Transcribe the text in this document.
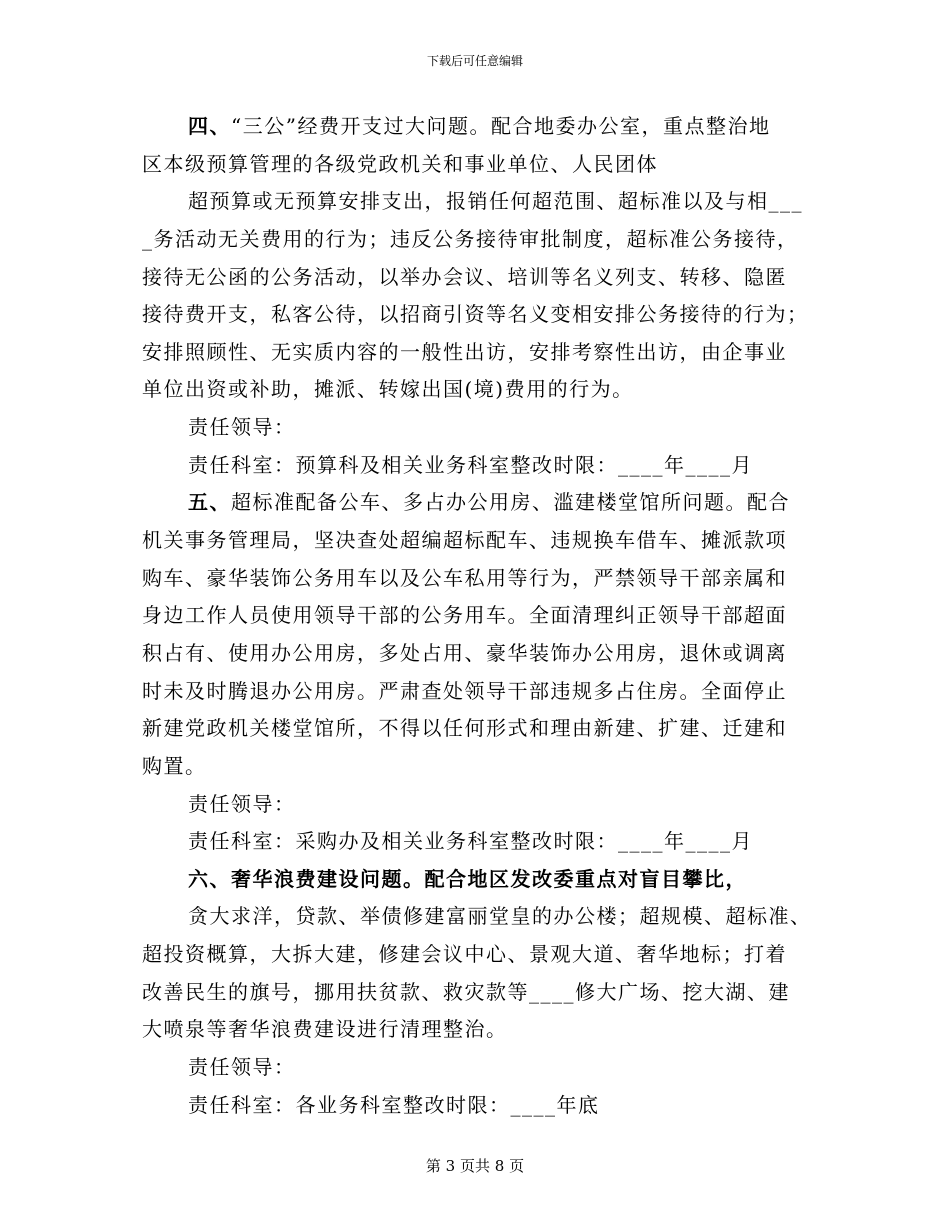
下载后可任意编辑
四、“三公”经费开支过大问题。配合地委办公室，重点整治地
区本级预算管理的各级党政机关和事业单位、人民团体
超预算或无预算安排支出，报销任何超范围、超标准以及与相___
_务活动无关费用的行为；违反公务接待审批制度，超标准公务接待，
接待无公函的公务活动，以举办会议、培训等名义列支、转移、隐匿
接待费开支，私客公待，以招商引资等名义变相安排公务接待的行为；
安排照顾性、无实质内容的一般性出访，安排考察性出访，由企事业
单位出资或补助，摊派、转嫁出国(境)费用的行为。
责任领导：
责任科室：预算科及相关业务科室整改时限：____年____月
五、超标准配备公车、多占办公用房、滥建楼堂馆所问题。配合
机关事务管理局，坚决查处超编超标配车、违规换车借车、摊派款项
购车、豪华装饰公务用车以及公车私用等行为，严禁领导干部亲属和
身边工作人员使用领导干部的公务用车。全面清理纠正领导干部超面
积占有、使用办公用房，多处占用、豪华装饰办公用房，退休或调离
时未及时腾退办公用房。严肃查处领导干部违规多占住房。全面停止
新建党政机关楼堂馆所，不得以任何形式和理由新建、扩建、迁建和
购置。
责任领导：
责任科室：采购办及相关业务科室整改时限：____年____月
六、奢华浪费建设问题。配合地区发改委重点对盲目攀比，
贪大求洋，贷款、举债修建富丽堂皇的办公楼；超规模、超标准、
超投资概算，大拆大建，修建会议中心、景观大道、奢华地标；打着
改善民生的旗号，挪用扶贫款、救灾款等____修大广场、挖大湖、建
大喷泉等奢华浪费建设进行清理整治。
责任领导：
责任科室：各业务科室整改时限：____年底
第 3 页共 8 页
